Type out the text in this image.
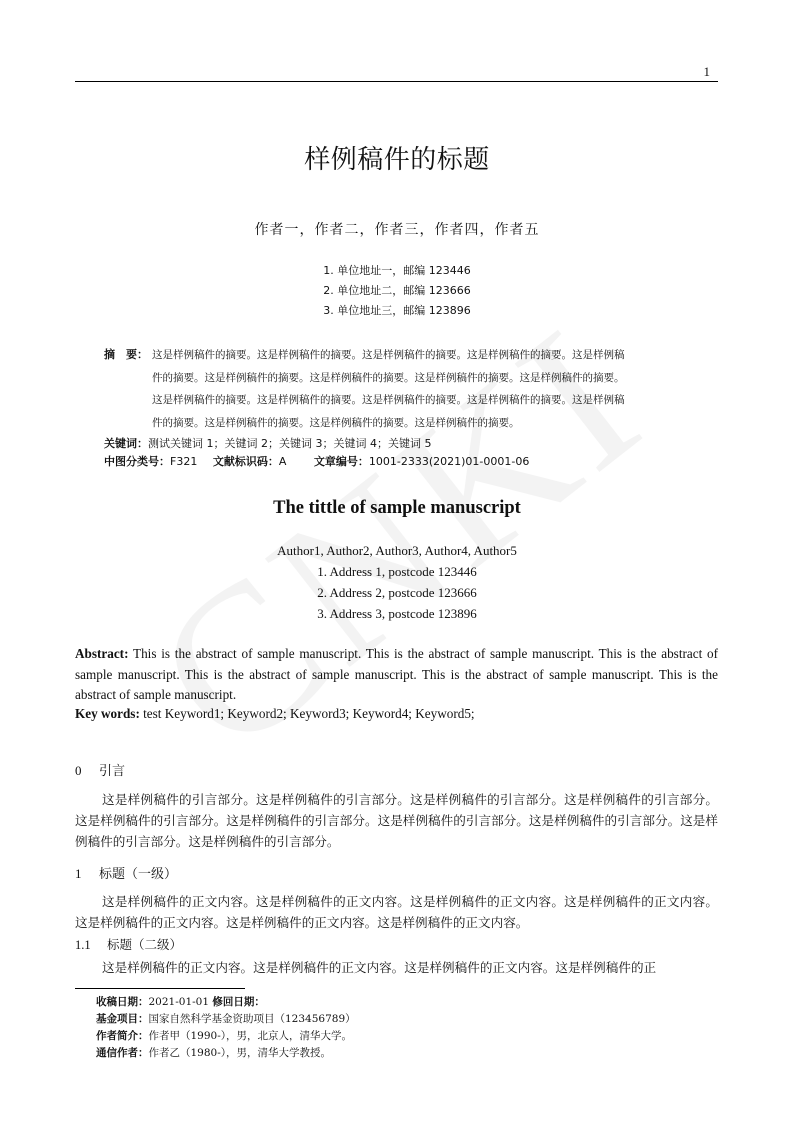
1
样例稿件的标题
作者一，作者二，作者三，作者四，作者五
1. 单位地址一，邮编 123446
2. 单位地址二，邮编 123666
3. 单位地址三，邮编 123896
摘　要： 这是样例稿件的摘要。这是样例稿件的摘要。这是样例稿件的摘要。这是样例稿件的摘要。这是样例稿
件的摘要。这是样例稿件的摘要。这是样例稿件的摘要。这是样例稿件的摘要。这是样例稿件的摘要。
这是样例稿件的摘要。这是样例稿件的摘要。这是样例稿件的摘要。这是样例稿件的摘要。这是样例稿
件的摘要。这是样例稿件的摘要。这是样例稿件的摘要。这是样例稿件的摘要。
关键词：测试关键词 1；关键词 2；关键词 3；关键词 4；关键词 5
中图分类号：F321 文献标识码：A	文章编号：1001-2333(2021)01-0001-06
The tittle of sample manuscript
Author1, Author2, Author3, Author4, Author5
1. Address 1, postcode 123446
2. Address 2, postcode 123666
3. Address 3, postcode 123896
Abstract: This is the abstract of sample manuscript. This is the abstract of sample manuscript. This is the abstract of sample manuscript. This is the abstract of sample manuscript. This is the abstract of sample manuscript. This is the abstract of sample manuscript.
Key words: test Keyword1; Keyword2; Keyword3; Keyword4; Keyword5;
0 引言
这是样例稿件的引言部分。这是样例稿件的引言部分。这是样例稿件的引言部分。这是样例稿件的引言部分。这是样例稿件的引言部分。这是样例稿件的引言部分。这是样例稿件的引言部分。这是样例稿件的引言部分。这是样例稿件的引言部分。这是样例稿件的引言部分。
1 标题（一级）
这是样例稿件的正文内容。这是样例稿件的正文内容。这是样例稿件的正文内容。这是样例稿件的正文内容。这是样例稿件的正文内容。这是样例稿件的正文内容。这是样例稿件的正文内容。
1.1 标题（二级）
这是样例稿件的正文内容。这是样例稿件的正文内容。这是样例稿件的正文内容。这是样例稿件的正
收稿日期：2021-01-01 修回日期：
基金项目：国家自然科学基金资助项目（123456789）
作者简介：作者甲（1990-），男，北京人，清华大学。
通信作者：作者乙（1980-），男，清华大学教授。
